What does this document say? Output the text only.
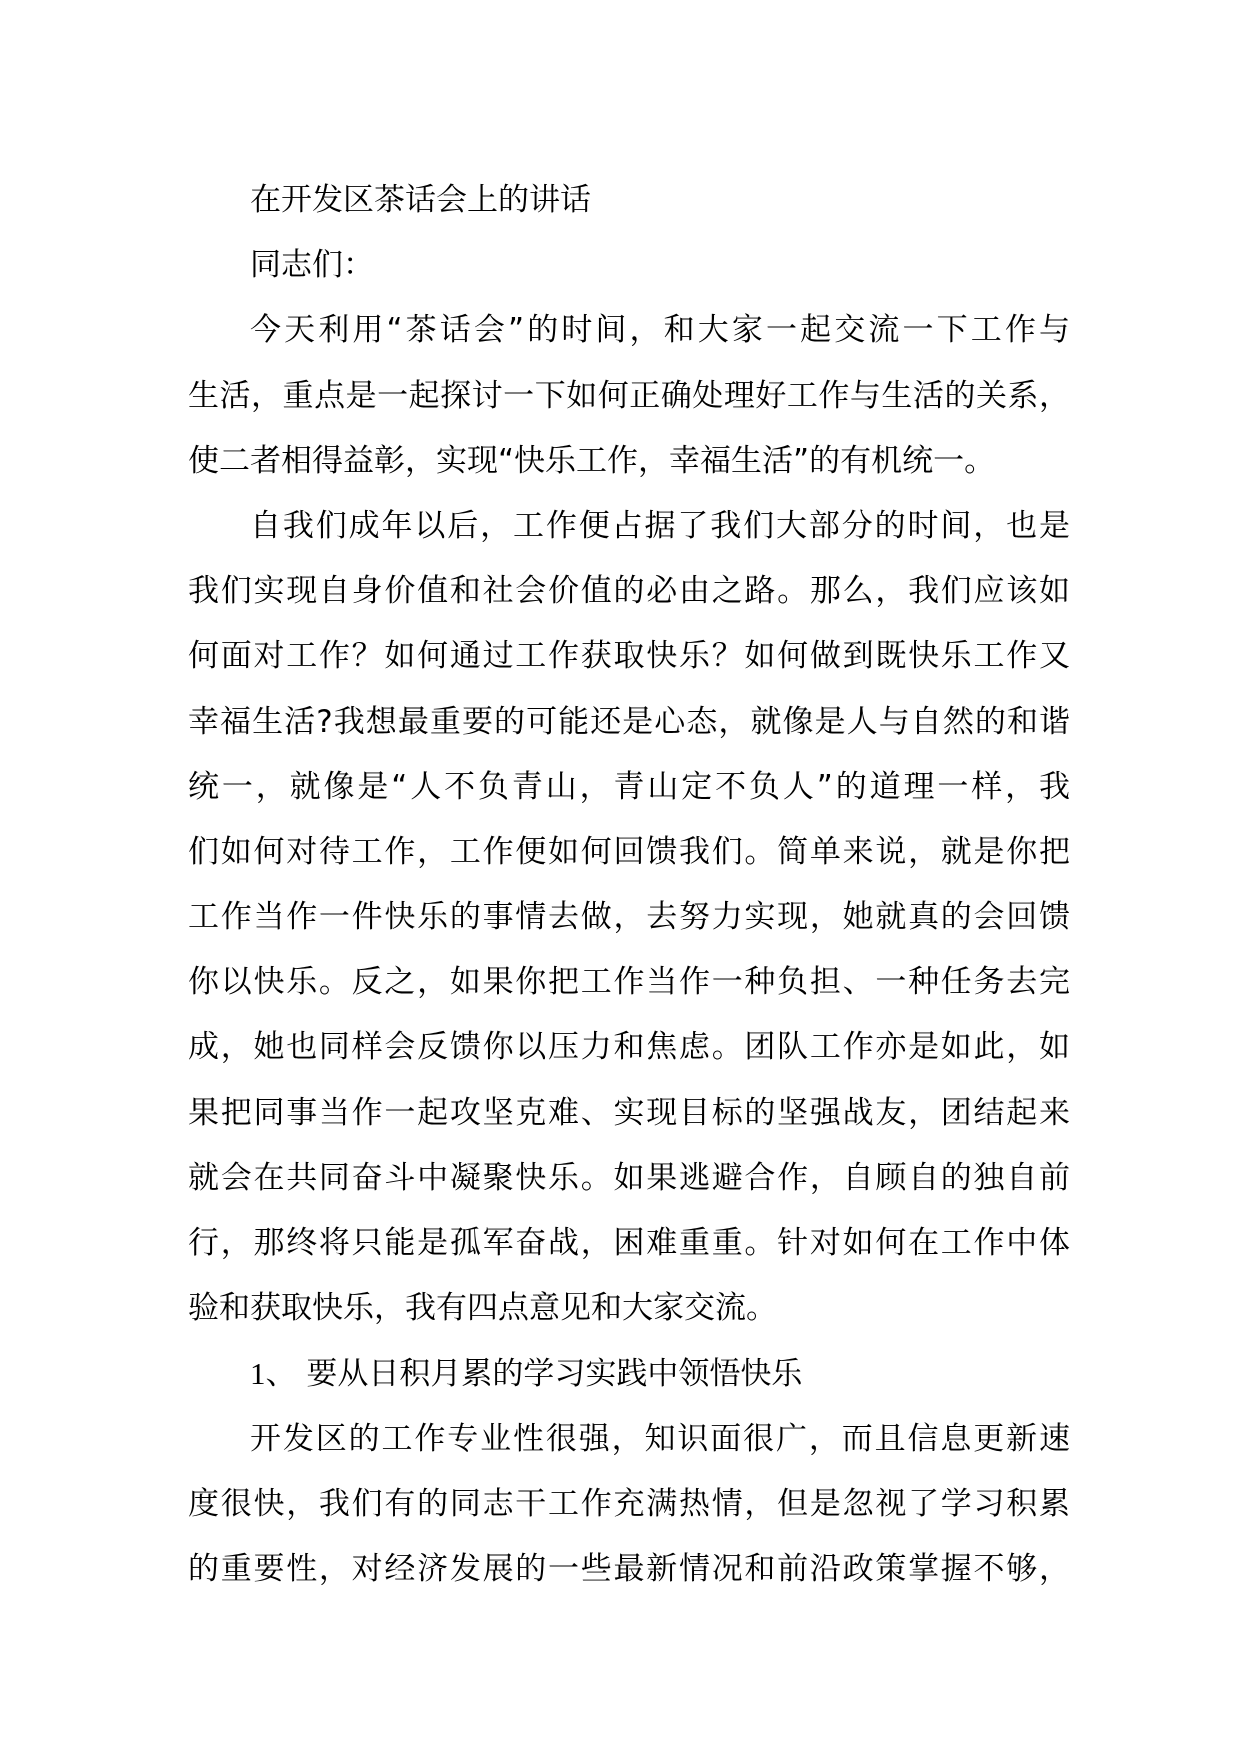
在开发区茶话会上的讲话
同志们：
今天利用“茶话会”的时间，和大家一起交流一下工作与
生活，重点是一起探讨一下如何正确处理好工作与生活的关系，
使二者相得益彰，实现“快乐工作，幸福生活”的有机统一。
自我们成年以后，工作便占据了我们大部分的时间，也是
我们实现自身价值和社会价值的必由之路。那么，我们应该如
何面对工作？如何通过工作获取快乐？如何做到既快乐工作又
幸福生活?我想最重要的可能还是心态，就像是人与自然的和谐
统一，就像是“人不负青山，青山定不负人”的道理一样，我
们如何对待工作，工作便如何回馈我们。简单来说，就是你把
工作当作一件快乐的事情去做，去努力实现，她就真的会回馈
你以快乐。反之，如果你把工作当作一种负担、一种任务去完
成，她也同样会反馈你以压力和焦虑。团队工作亦是如此，如
果把同事当作一起攻坚克难、实现目标的坚强战友，团结起来
就会在共同奋斗中凝聚快乐。如果逃避合作，自顾自的独自前
行，那终将只能是孤军奋战，困难重重。针对如何在工作中体
验和获取快乐，我有四点意见和大家交流。
1、 要从日积月累的学习实践中领悟快乐
开发区的工作专业性很强，知识面很广，而且信息更新速
度很快，我们有的同志干工作充满热情，但是忽视了学习积累
的重要性，对经济发展的一些最新情况和前沿政策掌握不够，
